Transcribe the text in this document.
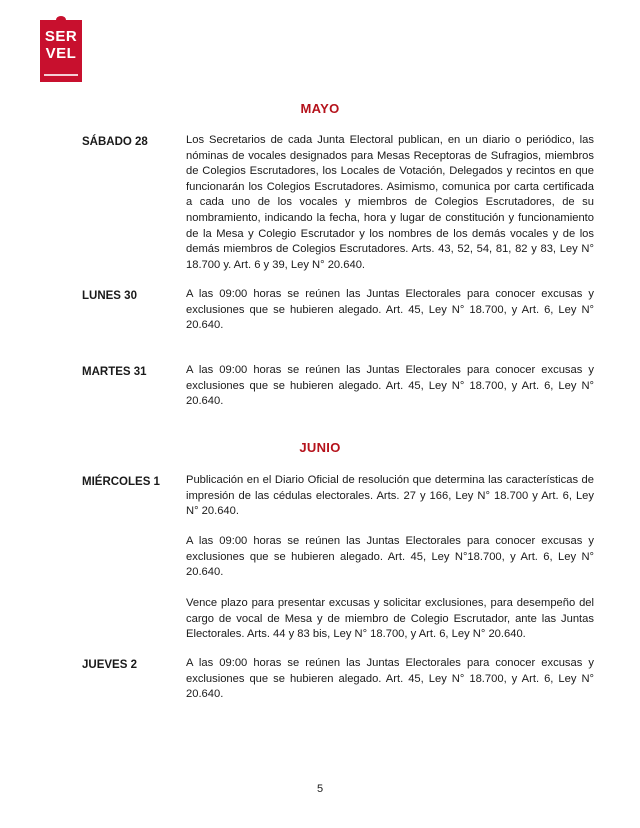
SER
VEL
MAYO
SÁBADO 28	Los Secretarios de cada Junta Electoral publican, en un diario o periódico, las nóminas de vocales designados para Mesas Receptoras de Sufragios, miembros de Colegios Escrutadores, los Locales de Votación, Delegados y recintos en que funcionarán los Colegios Escrutadores. Asimismo, comunica por carta certificada a cada uno de los vocales y miembros de Colegios Escrutadores, de su nombramiento, indicando la fecha, hora y lugar de constitución y funcionamiento de la Mesa y Colegio Escrutador y los nombres de los demás vocales y de los demás miembros de Colegios Escrutadores. Arts. 43, 52, 54, 81, 82 y 83, Ley N° 18.700 y. Art. 6 y 39, Ley N° 20.640.
LUNES 30	A las 09:00 horas se reúnen las Juntas Electorales para conocer excusas y exclusiones que se hubieren alegado. Art. 45, Ley N° 18.700, y Art. 6, Ley N° 20.640.
MARTES 31	A las 09:00 horas se reúnen las Juntas Electorales para conocer excusas y exclusiones que se hubieren alegado. Art. 45, Ley N° 18.700, y Art. 6, Ley N° 20.640.
JUNIO
MIÉRCOLES 1 Publicación en el Diario Oficial de resolución que determina las características de impresión de las cédulas electorales. Arts. 27 y 166, Ley N° 18.700 y Art. 6, Ley N° 20.640.
A las 09:00 horas se reúnen las Juntas Electorales para conocer excusas y exclusiones que se hubieren alegado. Art. 45, Ley N°18.700, y Art. 6, Ley N° 20.640.
Vence plazo para presentar excusas y solicitar exclusiones, para desempeño del cargo de vocal de Mesa y de miembro de Colegio Escrutador, ante las Juntas Electorales. Arts. 44 y 83 bis, Ley N° 18.700, y Art. 6, Ley N° 20.640.
JUEVES 2	A las 09:00 horas se reúnen las Juntas Electorales para conocer excusas y exclusiones que se hubieren alegado. Art. 45, Ley N° 18.700, y Art. 6, Ley N° 20.640.
5
